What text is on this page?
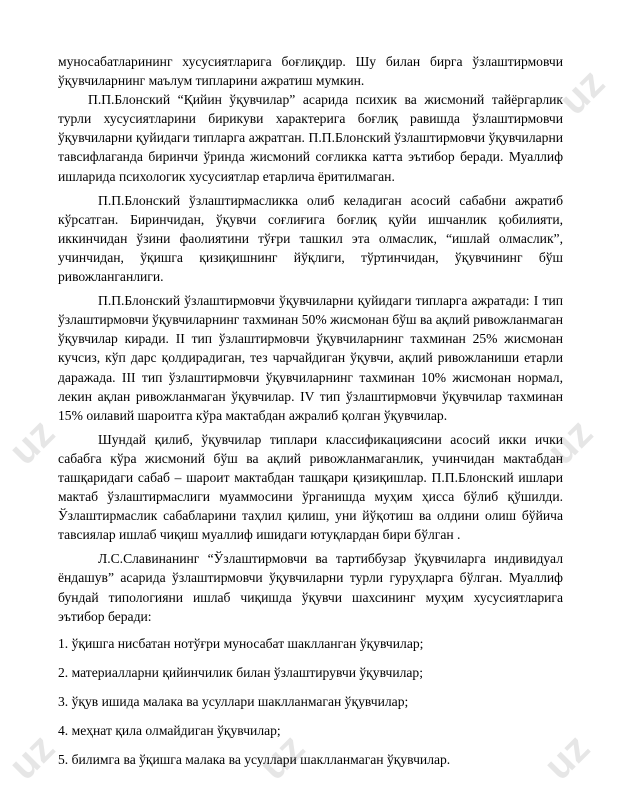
uz
uz	uz
uz	uz	uz

муносабатларининг хусусиятларига боғлиқдир. Шу билан бирга ўзлаштирмовчи ўқувчиларнинг маълум типларини ажратиш мумкин.

П.П.Блонский “Қийин ўқувчилар” асарида психик ва жисмоний тайёргарлик турли хусусиятларини бирикуви характерига боғлиқ равишда ўзлаштирмовчи ўқувчиларни қуйидаги типларга ажратган. П.П.Блонский ўзлаштирмовчи ўқувчиларни тавсифлаганда биринчи ўринда жисмоний соғликка катта эътибор беради. Муаллиф ишларида психологик хусусиятлар етарлича ёритилмаган.

П.П.Блонский ўзлаштирмасликка олиб келадиган асосий сабабни ажратиб кўрсатган. Биринчидан, ўқувчи соғлиғига боғлиқ қуйи ишчанлик қобилияти, иккинчидан ўзини фаолиятини тўғри ташкил эта олмаслик, “ишлай олмаслик”, учинчидан, ўқишга қизиқишнинг йўқлиги, тўртинчидан, ўқувчининг бўш ривожланганлиги.

П.П.Блонский ўзлаштирмовчи ўқувчиларни қуйидаги типларга ажратади: I тип ўзлаштирмовчи ўқувчиларнинг тахминан 50% жисмонан бўш ва ақлий ривожланмаган ўқувчилар киради. II тип ўзлаштирмовчи ўқувчиларнинг тахминан 25% жисмонан кучсиз, кўп дарс қолдирадиган, тез чарчайдиган ўқувчи, ақлий ривожланиши етарли даражада. III тип ўзлаштирмовчи ўқувчиларнинг тахминан 10% жисмонан нормал, лекин ақлан ривожланмаган ўқувчилар. IV тип ўзлаштирмовчи ўқувчилар тахминан 15% оилавий шароитга кўра мактабдан ажралиб қолган ўқувчилар.

Шундай қилиб, ўқувчилар типлари классификациясини асосий икки ички сабабга кўра жисмоний бўш ва ақлий ривожланмаганлик, учинчидан мактабдан ташқаридаги сабаб – шароит мактабдан ташқари қизиқишлар. П.П.Блонский ишлари мактаб ўзлаштирмаслиги муаммосини ўрганишда муҳим ҳисса бўлиб қўшилди. Ўзлаштирмаслик сабабларини таҳлил қилиш, уни йўқотиш ва олдини олиш бўйича тавсиялар ишлаб чиқиш муаллиф ишидаги ютуқлардан бири бўлган .

Л.С.Славинанинг “Ўзлаштирмовчи ва тартиббузар ўқувчиларга индивидуал ёндашув” асарида ўзлаштирмовчи ўқувчиларни турли гуруҳларга бўлган. Муаллиф бундай типологияни ишлаб чиқишда ўқувчи шахсининг муҳим хусусиятларига эътибор беради:

1. ўқишга нисбатан нотўғри муносабат шаклланган ўқувчилар;

2. материалларни қийинчилик билан ўзлаштирувчи ўқувчилар;

3. ўқув ишида малака ва усуллари шаклланмаган ўқувчилар;

4. меҳнат қила олмайдиган ўқувчилар;

5. билимга ва ўқишга малака ва усуллари шаклланмаган ўқувчилар.
